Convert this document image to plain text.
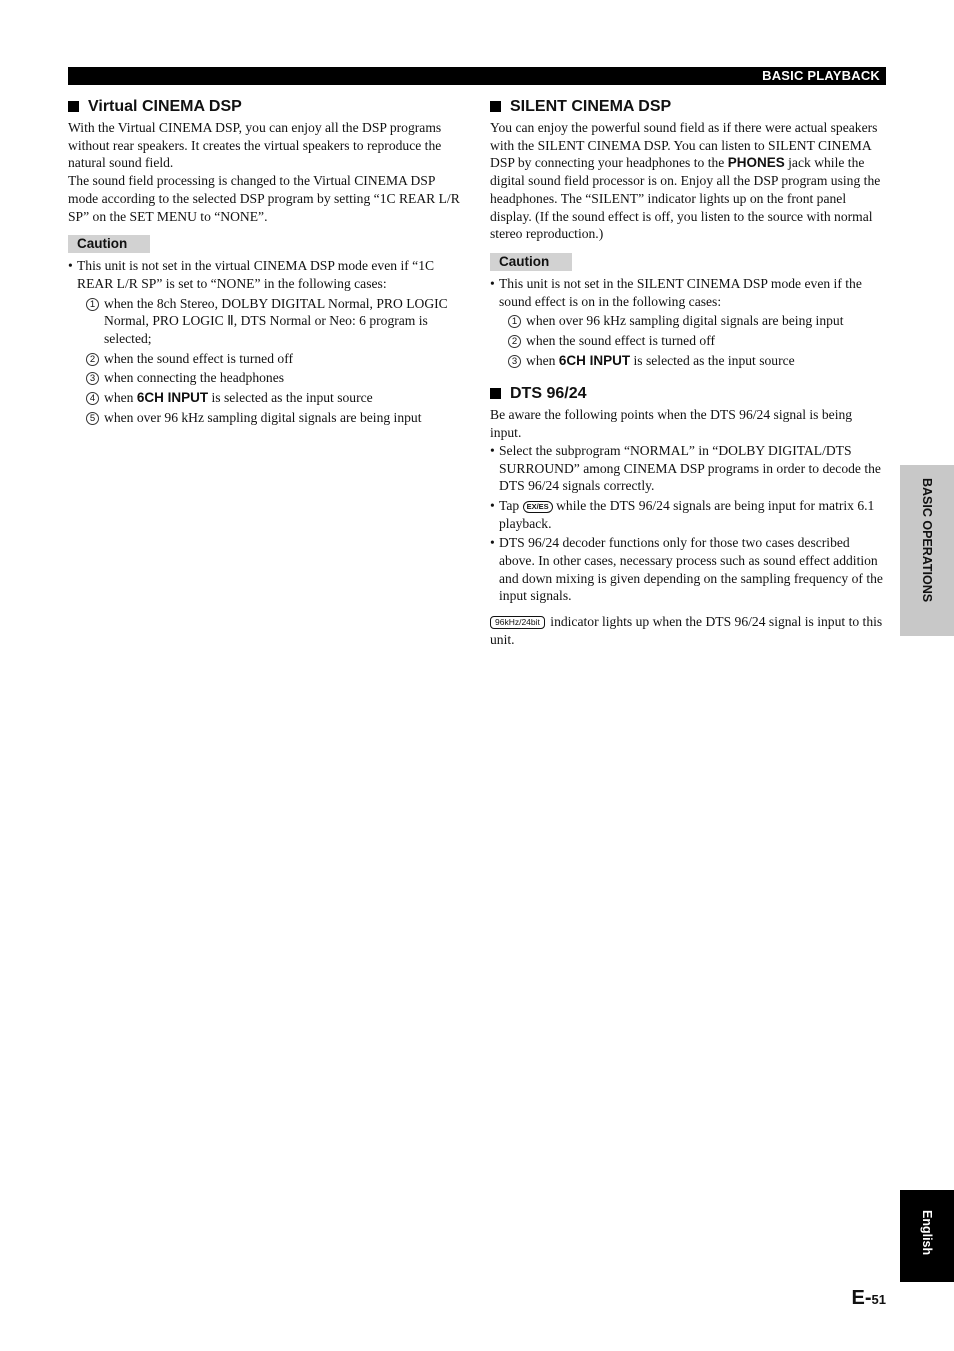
BASIC PLAYBACK
Virtual CINEMA DSP

With the Virtual CINEMA DSP, you can enjoy all the DSP programs without rear speakers. It creates the virtual speakers to reproduce the natural sound field.

The sound field processing is changed to the Virtual CINEMA DSP mode according to the selected DSP program by setting “1C REAR L/R SP” on the SET MENU to “NONE”.

Caution
• This unit is not set in the virtual CINEMA DSP mode even if “1C REAR L/R SP” is set to “NONE” in the following cases:
1 when the 8ch Stereo, DOLBY DIGITAL Normal, PRO LOGIC Normal, PRO LOGIC Ⅱ, DTS Normal or Neo: 6 program is selected;
2 when the sound effect is turned off
3 when connecting the headphones
4 when 6CH INPUT is selected as the input source
5 when over 96 kHz sampling digital signals are being input
SILENT CINEMA DSP

You can enjoy the powerful sound field as if there were actual speakers with the SILENT CINEMA DSP. You can listen to SILENT CINEMA DSP by connecting your headphones to the PHONES jack while the digital sound field processor is on. Enjoy all the DSP program using the headphones. The “SILENT” indicator lights up on the front panel display. (If the sound effect is off, you listen to the source with normal stereo reproduction.)

Caution
• This unit is not set in the SILENT CINEMA DSP mode even if the sound effect is on in the following cases:
1 when over 96 kHz sampling digital signals are being input
2 when the sound effect is turned off
3 when 6CH INPUT is selected as the input source
DTS 96/24

Be aware the following points when the DTS 96/24 signal is being input.

• Select the subprogram “NORMAL” in “DOLBY DIGITAL/DTS SURROUND” among CINEMA DSP programs in order to decode the DTS 96/24 signals correctly.
• Tap EX/ES while the DTS 96/24 signals are being input for matrix 6.1 playback.
• DTS 96/24 decoder functions only for those two cases described above. In other cases, necessary process such as sound effect addition and down mixing is given depending on the sampling frequency of the input signals.

96kHz/24bit indicator lights up when the DTS 96/24 signal is input to this unit.

BASIC OPERATIONS
English
E-51
